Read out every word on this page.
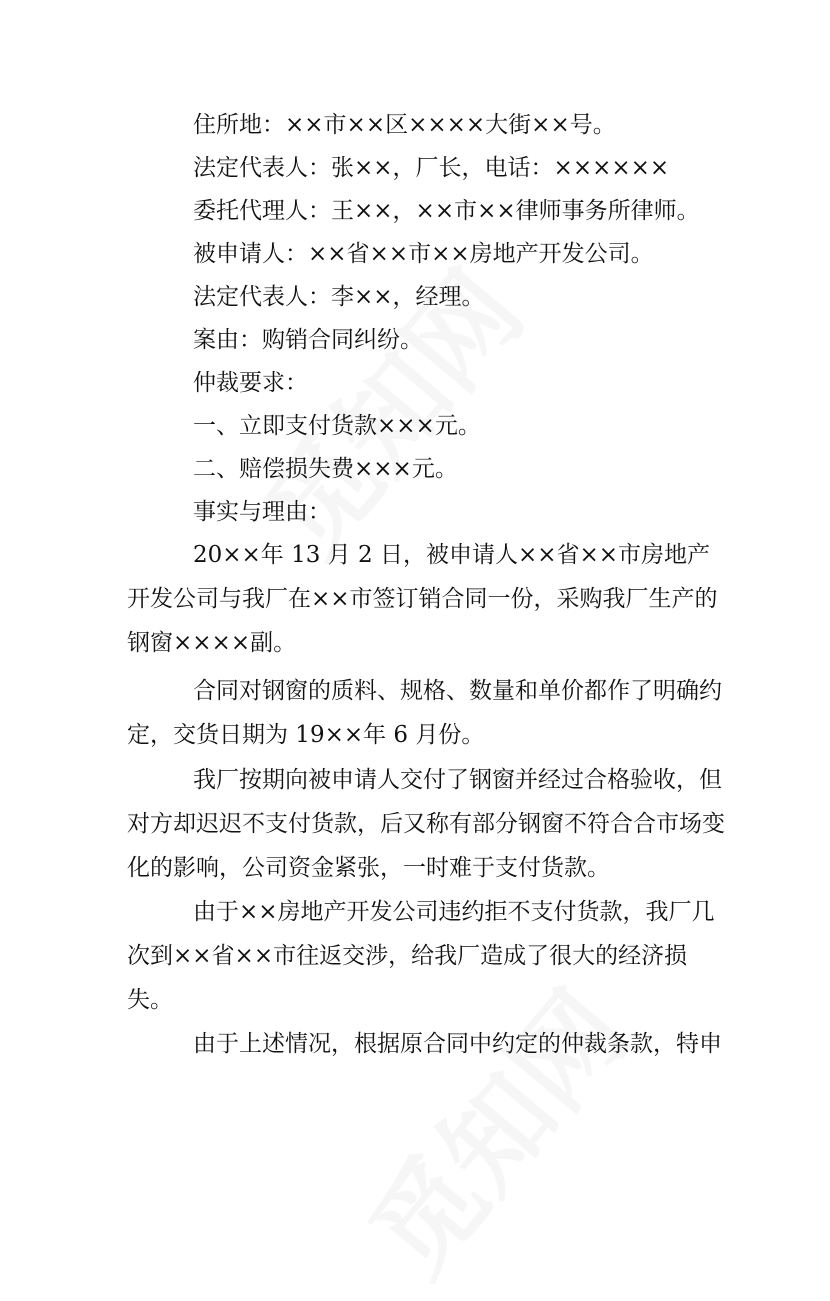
住所地：××市××区××××大街××号。
法定代表人：张××，厂长，电话：××××××
委托代理人：王××，××市××律师事务所律师。
被申请人：××省××市××房地产开发公司。
法定代表人：李××，经理。
案由：购销合同纠纷。
仲裁要求：
一、立即支付货款×××元。
二、赔偿损失费×××元。
事实与理由：
20××年 13 月 2 日，被申请人××省××市房地产
开发公司与我厂在××市签订销合同一份，采购我厂生产的
钢窗××××副。
合同对钢窗的质料、规格、数量和单价都作了明确约
定，交货日期为 19××年 6 月份。
我厂按期向被申请人交付了钢窗并经过合格验收，但
对方却迟迟不支付货款，后又称有部分钢窗不符合合市场变
化的影响，公司资金紧张，一时难于支付货款。
由于××房地产开发公司违约拒不支付货款，我厂几
次到××省××市往返交涉，给我厂造成了很大的经济损
失。
由于上述情况，根据原合同中约定的仲裁条款，特申
